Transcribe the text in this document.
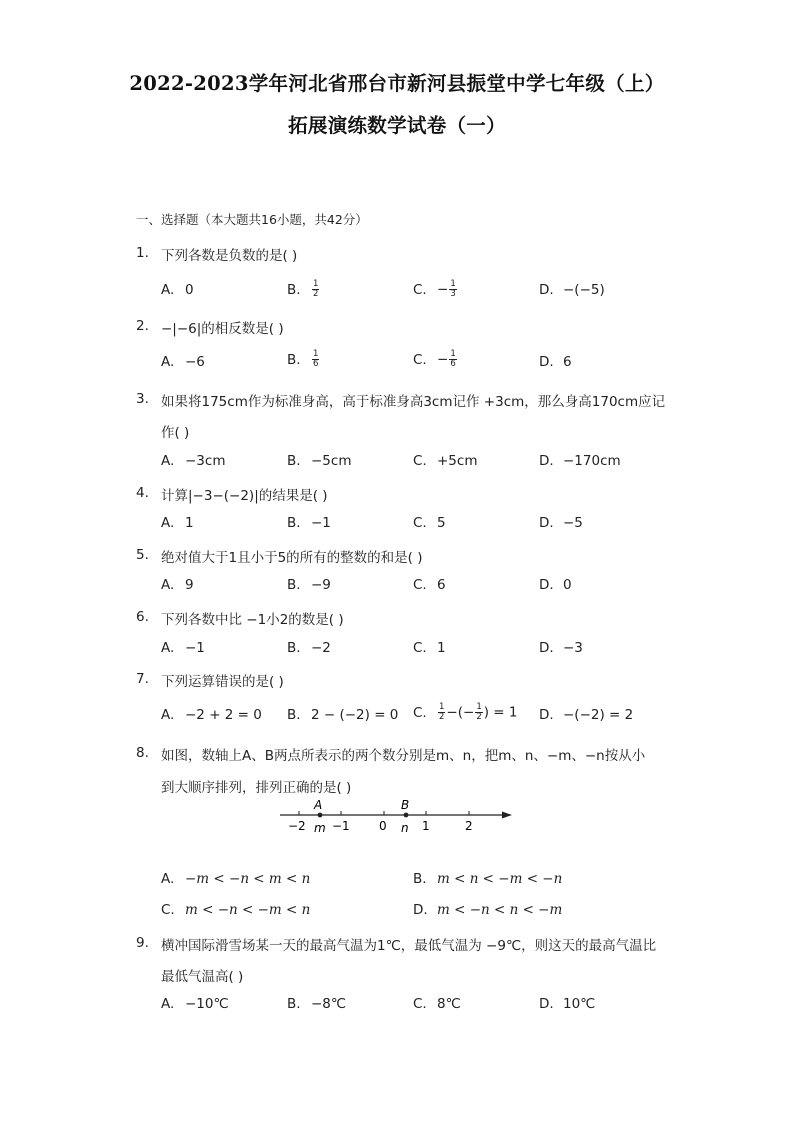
2022-2023学年河北省邢台市新河县振堂中学七年级（上）
拓展演练数学试卷（一）
一、选择题（本大题共16小题，共42分）
1. 下列各数是负数的是( )
A. 0	B. $\frac{1}{2}$	C. − $\frac{1}{3}$	D. −(−5)
2. −|−6|的相反数是( )
A. −6	B. $\frac{1}{6}$	C. − $\frac{1}{6}$	D. 6
3. 如果将175cm作为标准身高，高于标准身高3cm记作 +3cm，那么身高170cm应记
作( )
A. −3cm	B. −5cm	C. +5cm	D. −170cm
4. 计算|−3−(−2)|的结果是( )
A. 1	B. −1	C. 5	D. −5
5. 绝对值大于1且小于5的所有的整数的和是( )
A. 9	B. −9	C. 6	D. 0
6. 下列各数中比 −1小2的数是( )
A. −1	B. −2	C. 1	D. −3
7. 下列运算错误的是( )
A. −2 + 2 = 0 B. 2 − (−2) = 0 C. $\frac{1}{2}$ −(− $\frac{1}{2}$ ) = 1 D. −(−2) = 2
8. 如图，数轴上A、B两点所表示的两个数分别是m、n，把m、n、−m、−n按从小
到大顺序排列，排列正确的是( )
A	B
−2 m −1 0 n 1	2
A. −m < −n < m < n	B. m < n < −m < −n
C. m < −n < −m < n	D. m < −n < n < −m
9. 横冲国际滑雪场某一天的最高气温为1℃，最低气温为 −9℃，则这天的最高气温比
最低气温高( )
A. −10℃	B. −8℃	C. 8℃	D. 10℃
